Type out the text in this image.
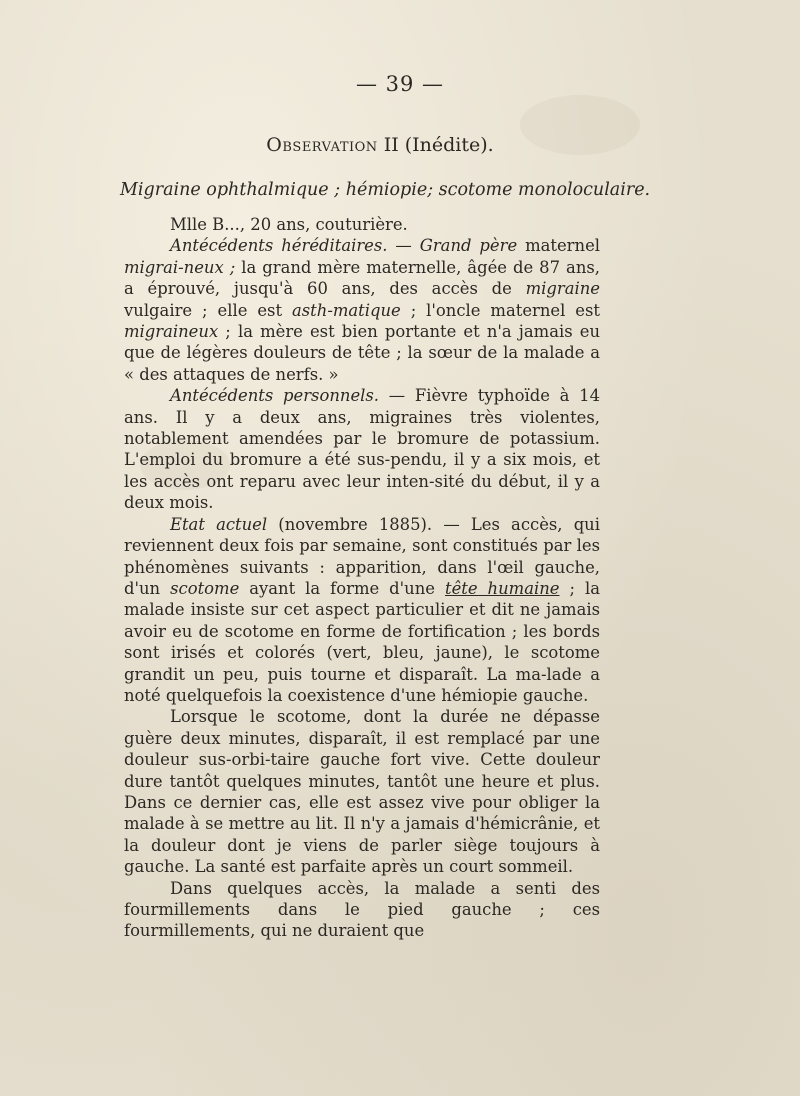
— 39 —
Observation II (Inédite).
Migraine ophthalmique ; hémiopie; scotome monoloculaire.

Mlle B..., 20 ans, couturière.

Antécédents héréditaires. — Grand père maternel migrai-neux ; la grand mère maternelle, âgée de 87 ans, a éprouvé, jusqu'à 60 ans, des accès de migraine vulgaire ; elle est asth-matique ; l'oncle maternel est migraineux ; la mère est bien portante et n'a jamais eu que de légères douleurs de tête ; la sœur de la malade a « des attaques de nerfs. »

Antécédents personnels. — Fièvre typhoïde à 14 ans. Il y a deux ans, migraines très violentes, notablement amendées par le bromure de potassium. L'emploi du bromure a été sus-pendu, il y a six mois, et les accès ont reparu avec leur inten-sité du début, il y a deux mois.

Etat actuel (novembre 1885). — Les accès, qui reviennent deux fois par semaine, sont constitués par les phénomènes suivants : apparition, dans l'œil gauche, d'un scotome ayant la forme d'une tête humaine ; la malade insiste sur cet aspect particulier et dit ne jamais avoir eu de scotome en forme de fortification ; les bords sont irisés et colorés (vert, bleu, jaune), le scotome grandit un peu, puis tourne et disparaît. La ma-lade a noté quelquefois la coexistence d'une hémiopie gauche.

Lorsque le scotome, dont la durée ne dépasse guère deux minutes, disparaît, il est remplacé par une douleur sus-orbi-taire gauche fort vive. Cette douleur dure tantôt quelques minutes, tantôt une heure et plus. Dans ce dernier cas, elle est assez vive pour obliger la malade à se mettre au lit. Il n'y a jamais d'hémicrânie, et la douleur dont je viens de parler siège toujours à gauche. La santé est parfaite après un court sommeil.

Dans quelques accès, la malade a senti des fourmillements dans le pied gauche ; ces fourmillements, qui ne duraient que
